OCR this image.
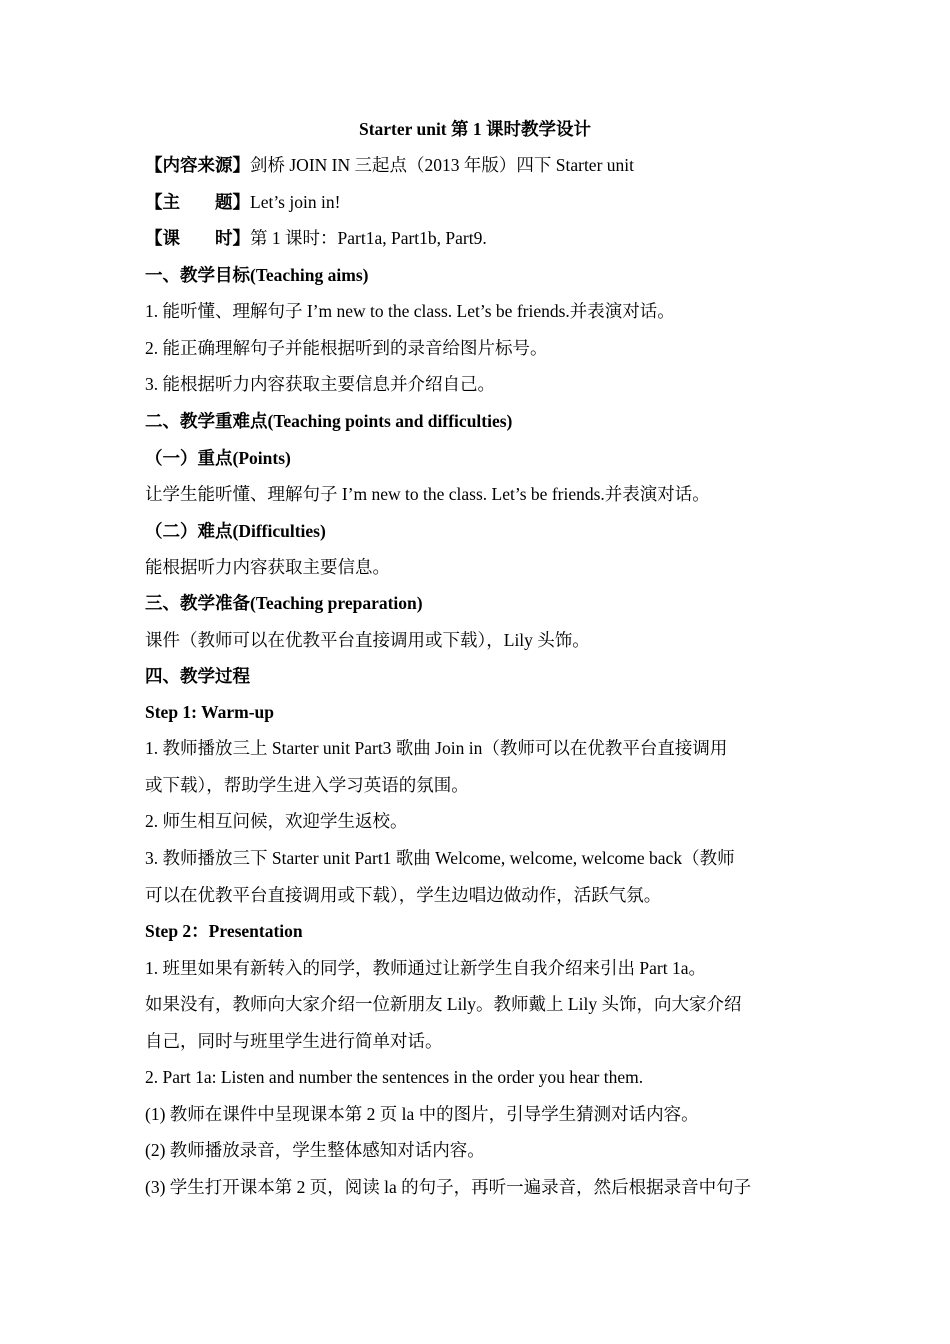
Starter unit 第 1 课时教学设计
【内容来源】剑桥 JOIN IN 三起点（2013 年版）四下 Starter unit
【主　　题】Let’s join in!
【课　　时】第 1 课时：Part1a, Part1b, Part9.
一、教学目标(Teaching aims)
1. 能听懂、理解句子 I’m new to the class. Let’s be friends.并表演对话。
2. 能正确理解句子并能根据听到的录音给图片标号。
3. 能根据听力内容获取主要信息并介绍自己。
二、教学重难点(Teaching points and difficulties)
（一）重点(Points)
让学生能听懂、理解句子 I’m new to the class. Let’s be friends.并表演对话。
（二）难点(Difficulties)
能根据听力内容获取主要信息。
三、教学准备(Teaching preparation)
课件（教师可以在优教平台直接调用或下载），Lily 头饰。
四、教学过程
Step 1: Warm-up
1. 教师播放三上 Starter unit Part3 歌曲 Join in（教师可以在优教平台直接调用
或下载），帮助学生进入学习英语的氛围。
2. 师生相互问候，欢迎学生返校。
3. 教师播放三下 Starter unit Part1 歌曲 Welcome, welcome, welcome back（教师
可以在优教平台直接调用或下载），学生边唱边做动作，活跃气氛。
Step 2：Presentation
1. 班里如果有新转入的同学，教师通过让新学生自我介绍来引出 Part 1a。
如果没有，教师向大家介绍一位新朋友 Lily。教师戴上 Lily 头饰，向大家介绍
自己，同时与班里学生进行简单对话。
2. Part 1a: Listen and number the sentences in the order you hear them.
(1) 教师在课件中呈现课本第 2 页 la 中的图片，引导学生猜测对话内容。
(2) 教师播放录音，学生整体感知对话内容。
(3) 学生打开课本第 2 页，阅读 la 的句子，再听一遍录音，然后根据录音中句子
